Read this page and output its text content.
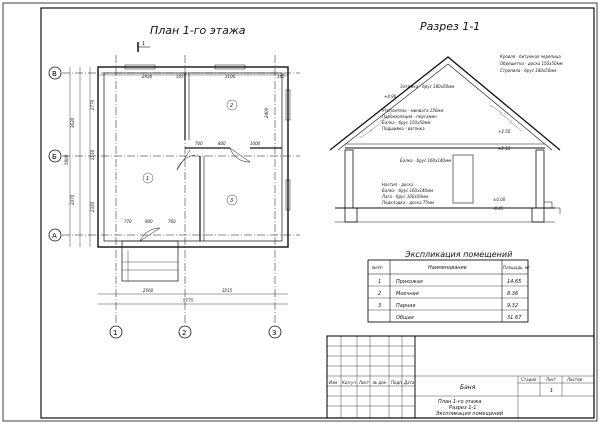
План 1-го этажа	Разрез 1-1
В
Б
А
1	2	3
1
1
2
3
2430	165	3100	165
3630
5800
2370
2770
2150
2350
2400
800
700	1000
770	900	760
2560	3215
5775
Кровля - битумная черепица
Обрешетка - доска 150х50мм
Стропила - брус 180х50мм
Затяжка - брус 180х50мм
Утеплитель - минвата 150мм
Пароизоляция - пергамин
Балка - брус 150х50мм
Подшивка - вагонка
Балка - брус 160х140мм
Настил - доска
Балка - брус 160х140мм
Лага - брус 100х50мм
Подкладка - доска 75мм
+4.90
+2.50
+2.10
±0.00
-0.45
Экспликация помещений
№п/п	Наименование	Площадь, м²
1	Прихожая	14.65
2	Моечная	8.36
3	Парная	9.32
Общая	31.67
Изм Кол.уч Лист № док Подп Дата
Стадия Лист	Листов
1
Баня
План 1-го этажа
Разрез 1-1
Экспликация помещений
